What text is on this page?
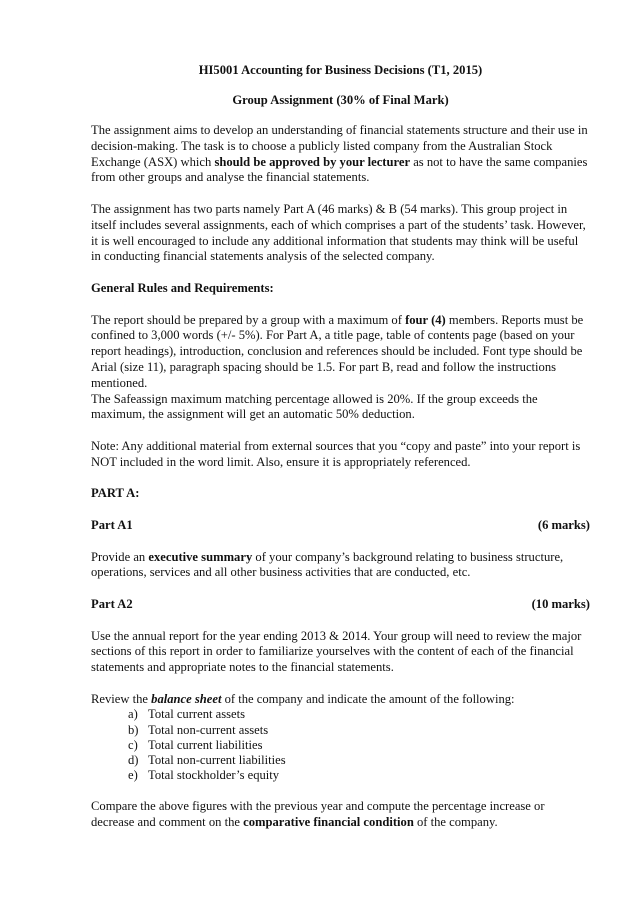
HI5001 Accounting for Business Decisions (T1, 2015)

Group Assignment (30% of Final Mark)

The assignment aims to develop an understanding of financial statements structure and their use in decision-making. The task is to choose a publicly listed company from the Australian Stock Exchange (ASX) which should be approved by your lecturer as not to have the same companies from other groups and analyse the financial statements.

The assignment has two parts namely Part A (46 marks) & B (54 marks). This group project in itself includes several assignments, each of which comprises a part of the students’ task. However, it is well encouraged to include any additional information that students may think will be useful in conducting financial statements analysis of the selected company.

General Rules and Requirements:

The report should be prepared by a group with a maximum of four (4) members. Reports must be confined to 3,000 words (+/- 5%). For Part A, a title page, table of contents page (based on your report headings), introduction, conclusion and references should be included. Font type should be Arial (size 11), paragraph spacing should be 1.5. For part B, read and follow the instructions mentioned.

The Safeassign maximum matching percentage allowed is 20%. If the group exceeds the maximum, the assignment will get an automatic 50% deduction.

Note: Any additional material from external sources that you “copy and paste” into your report is NOT included in the word limit. Also, ensure it is appropriately referenced.

PART A:

Part A1	(6 marks)

Provide an executive summary of your company’s background relating to business structure, operations, services and all other business activities that are conducted, etc.

Part A2	(10 marks)

Use the annual report for the year ending 2013 & 2014. Your group will need to review the major sections of this report in order to familiarize yourselves with the content of each of the financial statements and appropriate notes to the financial statements.

Review the balance sheet of the company and indicate the amount of the following:

a) Total current assets
b) Total non-current assets
c) Total current liabilities
d) Total non-current liabilities
e) Total stockholder’s equity

Compare the above figures with the previous year and compute the percentage increase or decrease and comment on the comparative financial condition of the company.
